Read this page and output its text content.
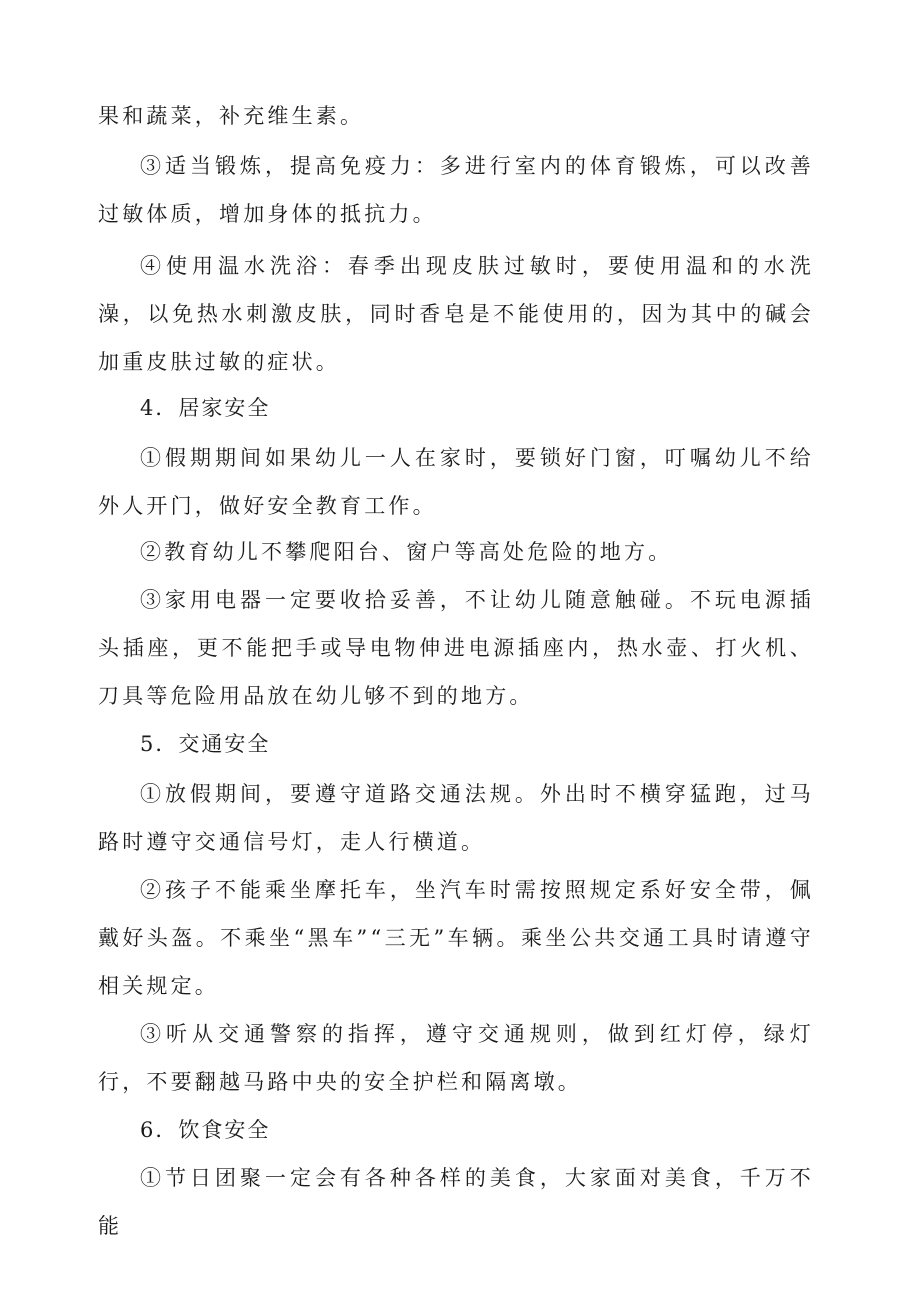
果和蔬菜，补充维生素。

③适当锻炼，提高免疫力：多进行室内的体育锻炼，可以改善过敏体质，增加身体的抵抗力。

④使用温水洗浴：春季出现皮肤过敏时，要使用温和的水洗澡，以免热水刺激皮肤，同时香皂是不能使用的，因为其中的碱会加重皮肤过敏的症状。

4．居家安全

①假期期间如果幼儿一人在家时，要锁好门窗，叮嘱幼儿不给外人开门，做好安全教育工作。

②教育幼儿不攀爬阳台、窗户等高处危险的地方。

③家用电器一定要收拾妥善，不让幼儿随意触碰。不玩电源插头插座，更不能把手或导电物伸进电源插座内，热水壶、打火机、刀具等危险用品放在幼儿够不到的地方。

5．交通安全

①放假期间，要遵守道路交通法规。外出时不横穿猛跑，过马路时遵守交通信号灯，走人行横道。

②孩子不能乘坐摩托车，坐汽车时需按照规定系好安全带，佩戴好头盔。不乘坐“黑车”“三无”车辆。乘坐公共交通工具时请遵守相关规定。

③听从交通警察的指挥，遵守交通规则，做到红灯停，绿灯行，不要翻越马路中央的安全护栏和隔离墩。

6．饮食安全

①节日团聚一定会有各种各样的美食，大家面对美食，千万不能
